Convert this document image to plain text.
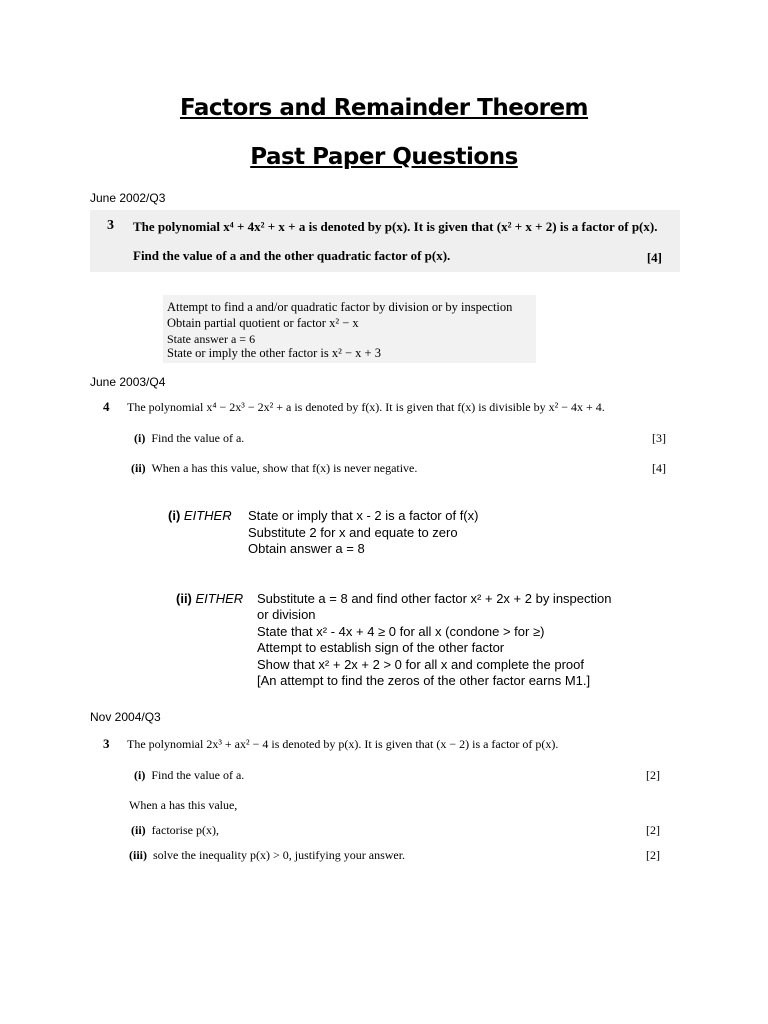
Factors and Remainder Theorem
Past Paper Questions
June 2002/Q3
3 The polynomial x⁴ + 4x² + x + a is denoted by p(x). It is given that (x² + x + 2) is a factor of p(x).
Find the value of a and the other quadratic factor of p(x).	[4]
Attempt to find a and/or quadratic factor by division or by inspection
Obtain partial quotient or factor x² − x
State answer a = 6
State or imply the other factor is x² − x + 3
June 2003/Q4
4 The polynomial x⁴ − 2x³ − 2x² + a is denoted by f(x). It is given that f(x) is divisible by x² − 4x + 4.
(i) Find the value of a.	[3]
(ii) When a has this value, show that f(x) is never negative.	[4]
(i) EITHER State or imply that x - 2 is a factor of f(x)
Substitute 2 for x and equate to zero
Obtain answer a = 8
(ii) EITHER Substitute a = 8 and find other factor x² + 2x + 2 by inspection
or division
State that x² - 4x + 4 ≥ 0 for all x (condone > for ≥)
Attempt to establish sign of the other factor
Show that x² + 2x + 2 > 0 for all x and complete the proof
[An attempt to find the zeros of the other factor earns M1.]
Nov 2004/Q3
3 The polynomial 2x³ + ax² − 4 is denoted by p(x). It is given that (x − 2) is a factor of p(x).
(i) Find the value of a.	[2]
When a has this value,
(ii) factorise p(x),	[2]
(iii) solve the inequality p(x) > 0, justifying your answer.	[2]
